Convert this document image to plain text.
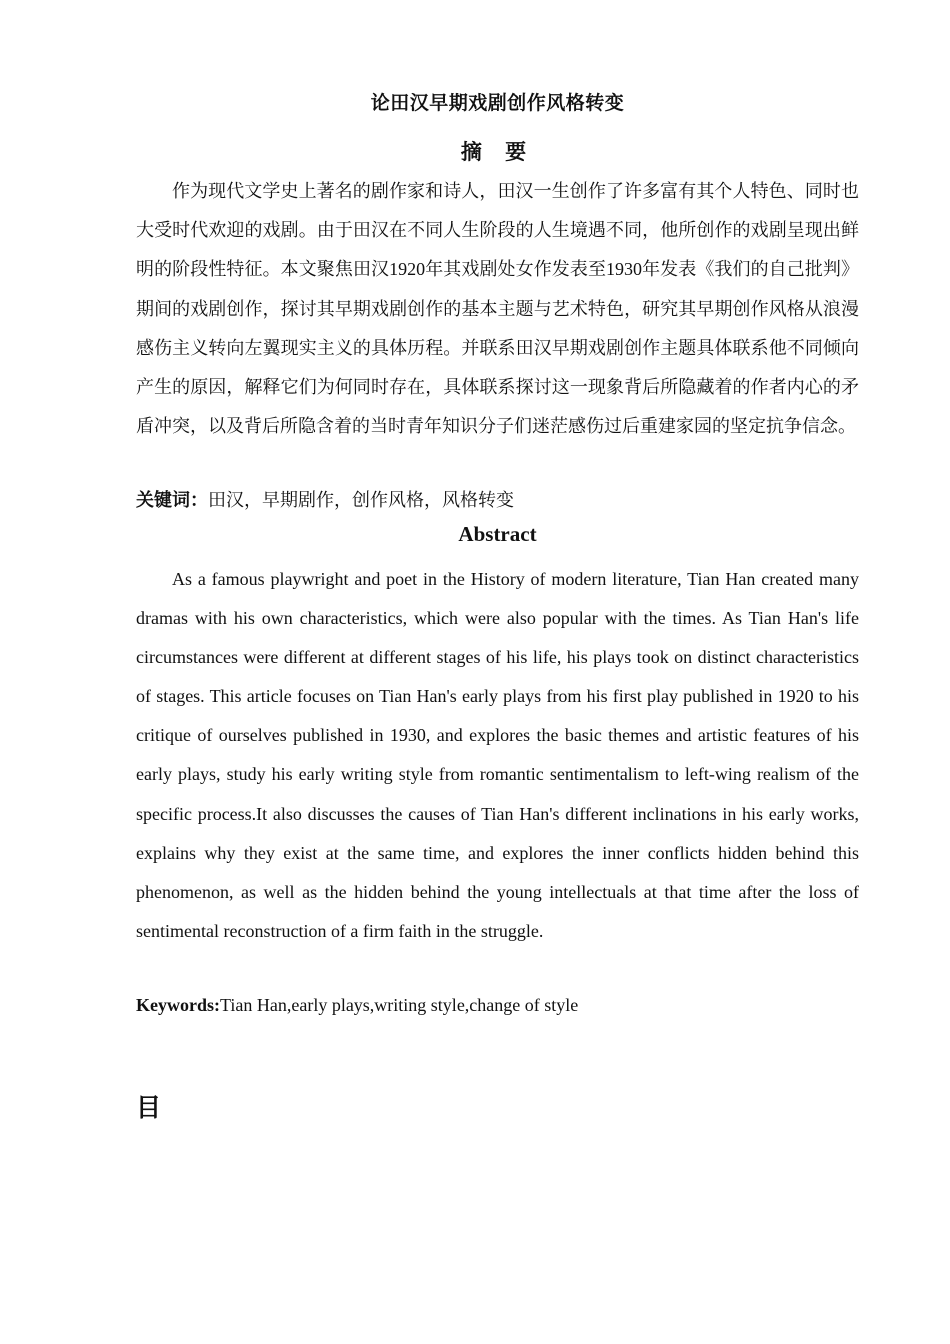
论田汉早期戏剧创作风格转变
摘 要

作为现代文学史上著名的剧作家和诗人，田汉一生创作了许多富有其个人特色、同时也大受时代欢迎的戏剧。由于田汉在不同人生阶段的人生境遇不同，他所创作的戏剧呈现出鲜明的阶段性特征。本文聚焦田汉1920年其戏剧处女作发表至1930年发表《我们的自己批判》期间的戏剧创作，探讨其早期戏剧创作的基本主题与艺术特色，研究其早期创作风格从浪漫感伤主义转向左翼现实主义的具体历程。并联系田汉早期戏剧创作主题具体联系他不同倾向产生的原因，解释它们为何同时存在，具体联系探讨这一现象背后所隐藏着的作者内心的矛盾冲突，以及背后所隐含着的当时青年知识分子们迷茫感伤过后重建家园的坚定抗争信念。

关键词：田汉，早期剧作，创作风格，风格转变

Abstract

As a famous playwright and poet in the History of modern literature, Tian Han created many dramas with his own characteristics, which were also popular with the times. As Tian Han's life circumstances were different at different stages of his life, his plays took on distinct characteristics of stages. This article focuses on Tian Han's early plays from his first play published in 1920 to his critique of ourselves published in 1930, and explores the basic themes and artistic features of his early plays, study his early writing style from romantic sentimentalism to left-wing realism of the specific process.It also discusses the causes of Tian Han's different inclinations in his early works, explains why they exist at the same time, and explores the inner conflicts hidden behind this phenomenon, as well as the hidden behind the young intellectuals at that time after the loss of sentimental reconstruction of a firm faith in the struggle.

Keywords:Tian Han,early plays,writing style,change of style

目
